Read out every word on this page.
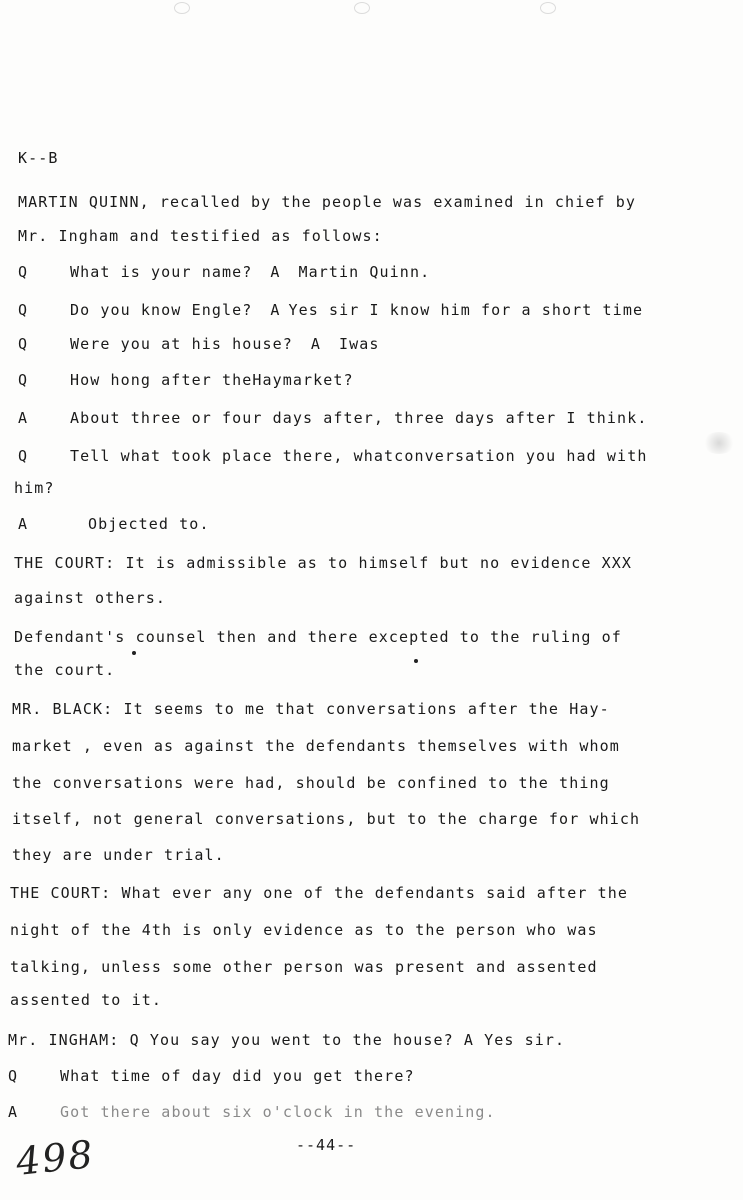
K--B
MARTIN QUINN, recalled by the people was examined in chief by
Mr. Ingham and testified as follows:
Q	What is your name? A Martin Quinn.
Q	Do you know Engle? A Yes sir I know him for a short time
Q	Were you at his house? A Iwas
Q	How hong after theHaymarket?
A	About three or four days after, three days after I think.
Q	Tell what took place there, whatconversation you had with
him?
A	Objected to.
THE COURT: It is admissible as to himself but no evidence XXX
against others.
Defendant's counsel then and there excepted to the ruling of
the court.
MR. BLACK: It seems to me that conversations after the Hay-
market , even as against the defendants themselves with whom
the conversations were had, should be confined to the thing
itself, not general conversations, but to the charge for which
they are under trial.
THE COURT: What ever any one of the defendants said after the
night of the 4th is only evidence as to the person who was
talking, unless some other person was present and assented
assented to it.
Mr. INGHAM: Q You say you went to the house? A Yes sir.
Q	What time of day did you get there?
A	Got there about six o'clock in the evening.
498	--44--
